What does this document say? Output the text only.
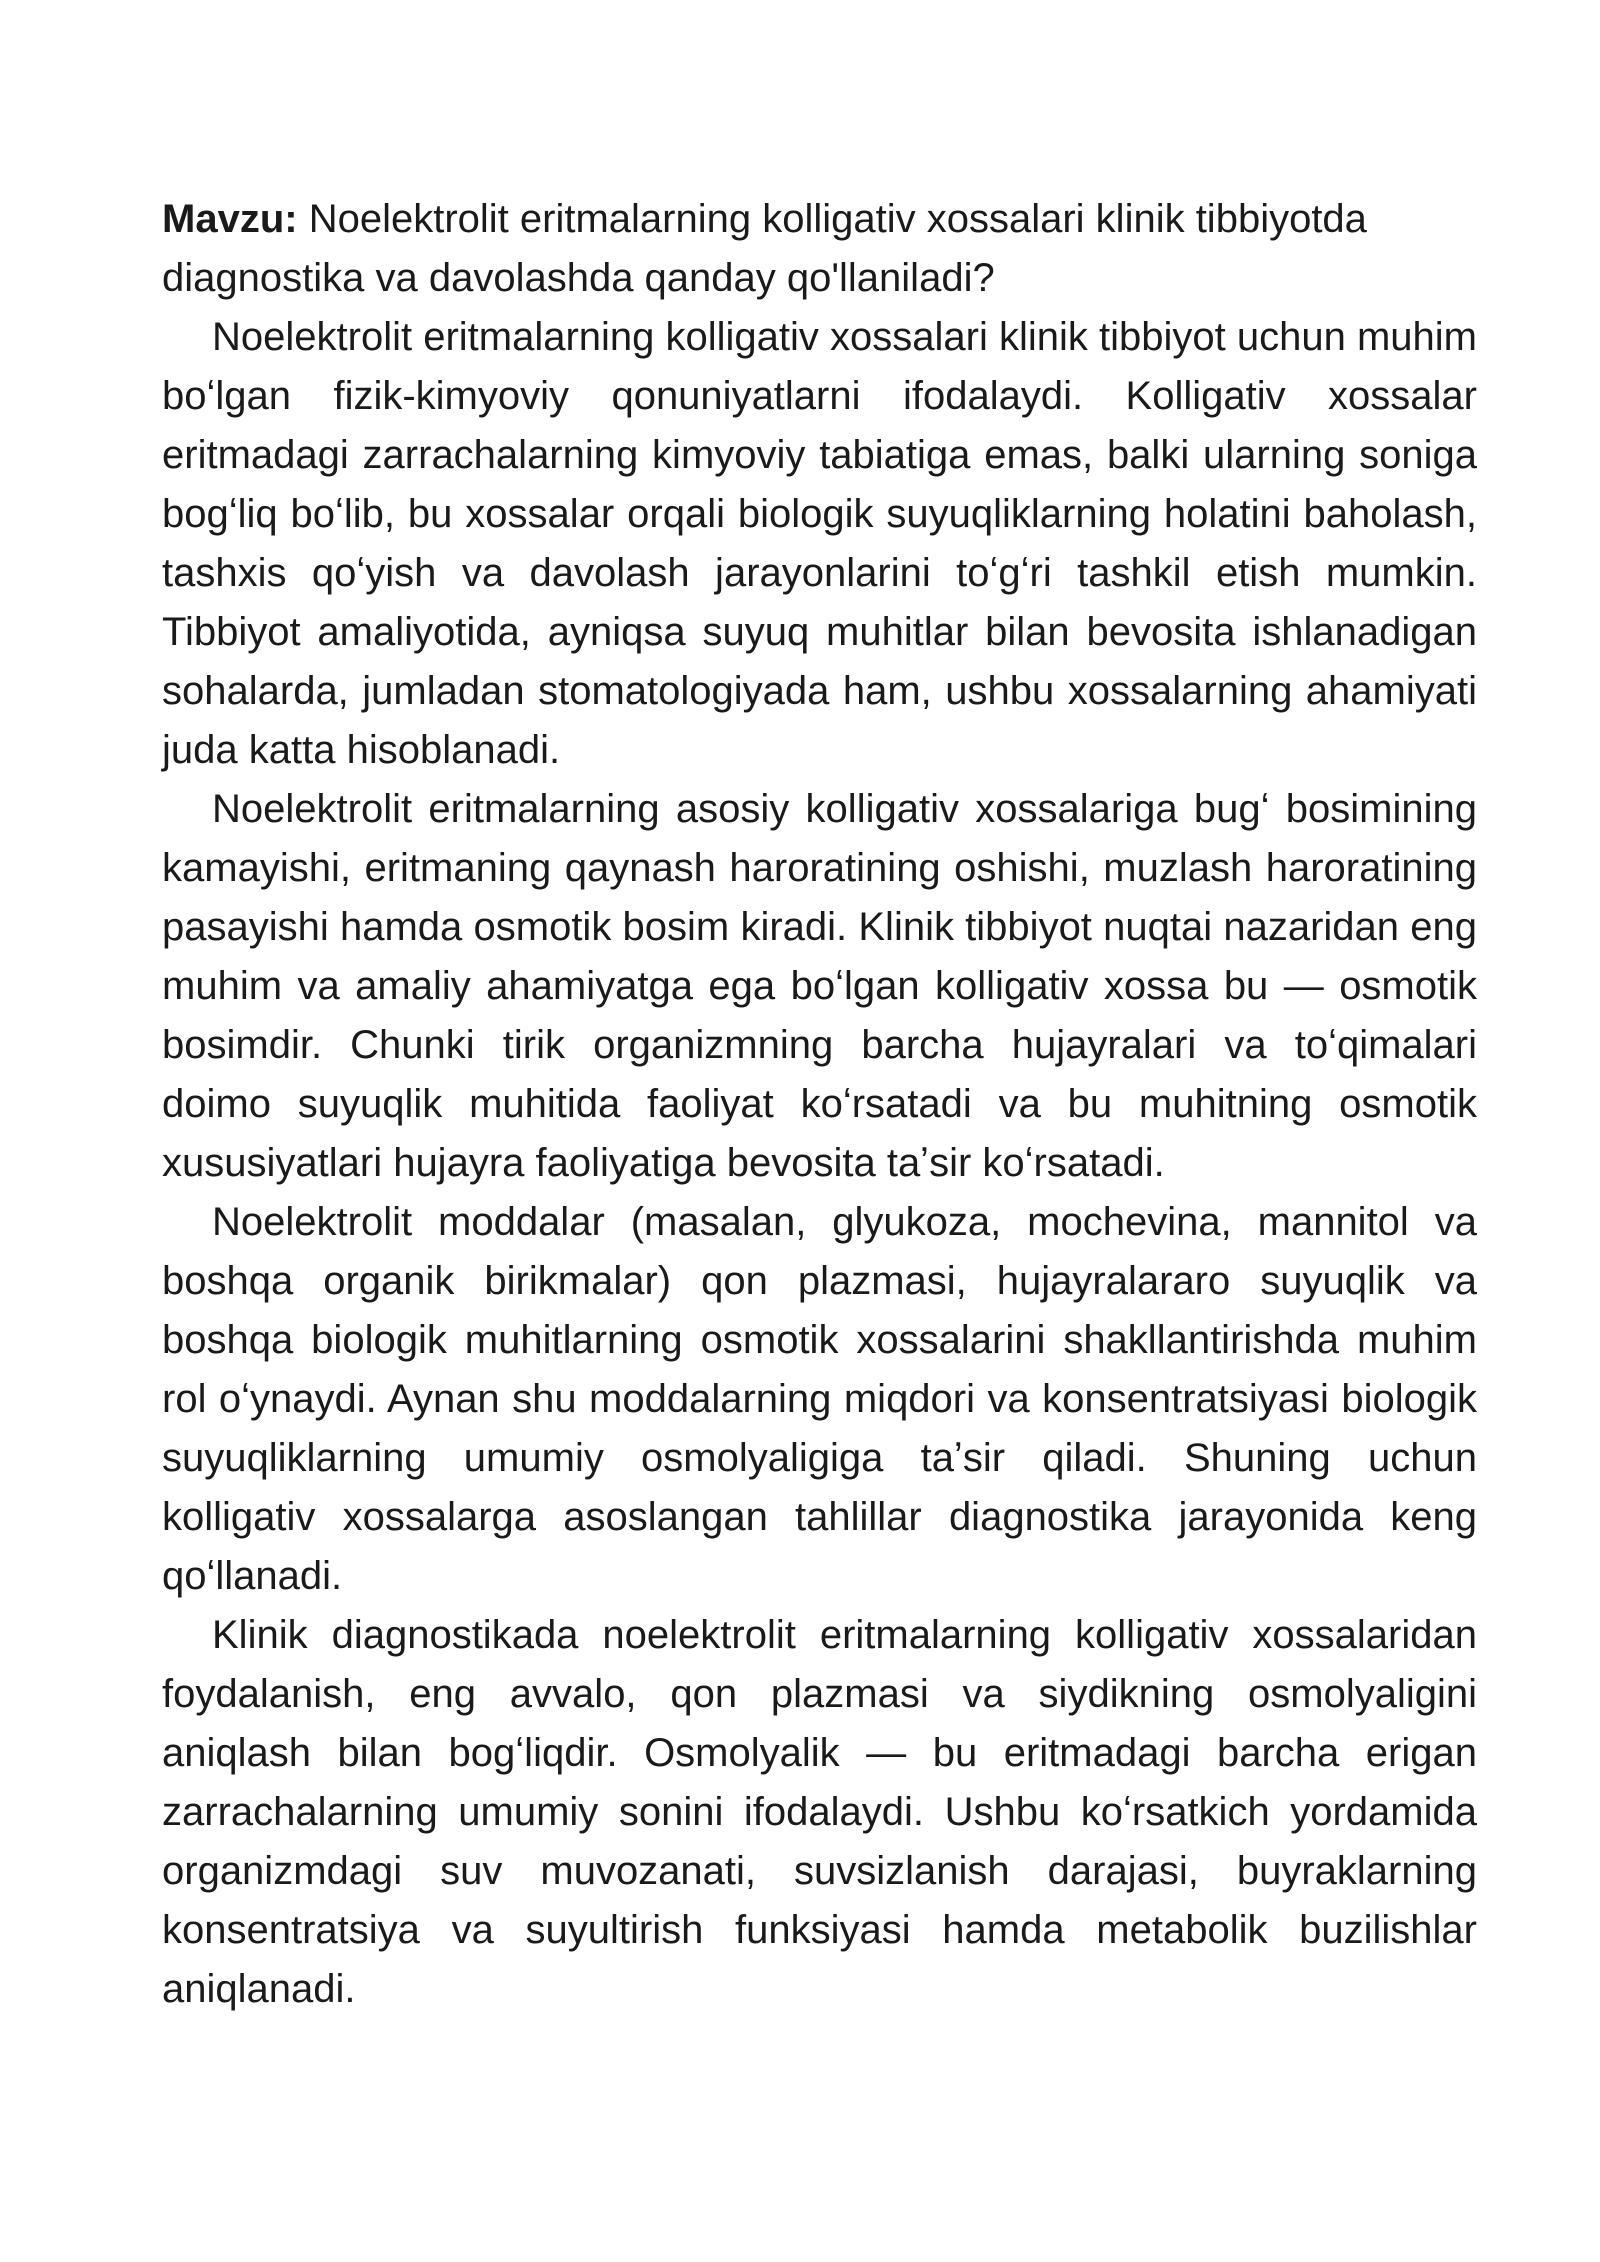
Mavzu: Noelektrolit eritmalarning kolligativ xossalari klinik tibbiyotda diagnostika va davolashda qanday qo'llaniladi?

Noelektrolit eritmalarning kolligativ xossalari klinik tibbiyot uchun muhim boʻlgan fizik-kimyoviy qonuniyatlarni ifodalaydi. Kolligativ xossalar eritmadagi zarrachalarning kimyoviy tabiatiga emas, balki ularning soniga bogʻliq boʻlib, bu xossalar orqali biologik suyuqliklarning holatini baholash, tashxis qoʻyish va davolash jarayonlarini toʻgʻri tashkil etish mumkin. Tibbiyot amaliyotida, ayniqsa suyuq muhitlar bilan bevosita ishlanadigan sohalarda, jumladan stomatologiyada ham, ushbu xossalarning ahamiyati juda katta hisoblanadi.

Noelektrolit eritmalarning asosiy kolligativ xossalariga bugʻ bosimining kamayishi, eritmaning qaynash haroratining oshishi, muzlash haroratining pasayishi hamda osmotik bosim kiradi. Klinik tibbiyot nuqtai nazaridan eng muhim va amaliy ahamiyatga ega boʻlgan kolligativ xossa bu — osmotik bosimdir. Chunki tirik organizmning barcha hujayralari va toʻqimalari doimo suyuqlik muhitida faoliyat koʻrsatadi va bu muhitning osmotik xususiyatlari hujayra faoliyatiga bevosita taʼsir koʻrsatadi.

Noelektrolit moddalar (masalan, glyukoza, mochevina, mannitol va boshqa organik birikmalar) qon plazmasi, hujayralararo suyuqlik va boshqa biologik muhitlarning osmotik xossalarini shakllantirishda muhim rol oʻynaydi. Aynan shu moddalarning miqdori va konsentratsiyasi biologik suyuqliklarning umumiy osmolyaligiga taʼsir qiladi. Shuning uchun kolligativ xossalarga asoslangan tahlillar diagnostika jarayonida keng qoʻllanadi.

Klinik diagnostikada noelektrolit eritmalarning kolligativ xossalaridan foydalanish, eng avvalo, qon plazmasi va siydikning osmolyaligini aniqlash bilan bogʻliqdir. Osmolyalik — bu eritmadagi barcha erigan zarrachalarning umumiy sonini ifodalaydi. Ushbu koʻrsatkich yordamida organizmdagi suv muvozanati, suvsizlanish darajasi, buyraklarning konsentratsiya va suyultirish funksiyasi hamda metabolik buzilishlar aniqlanadi.
